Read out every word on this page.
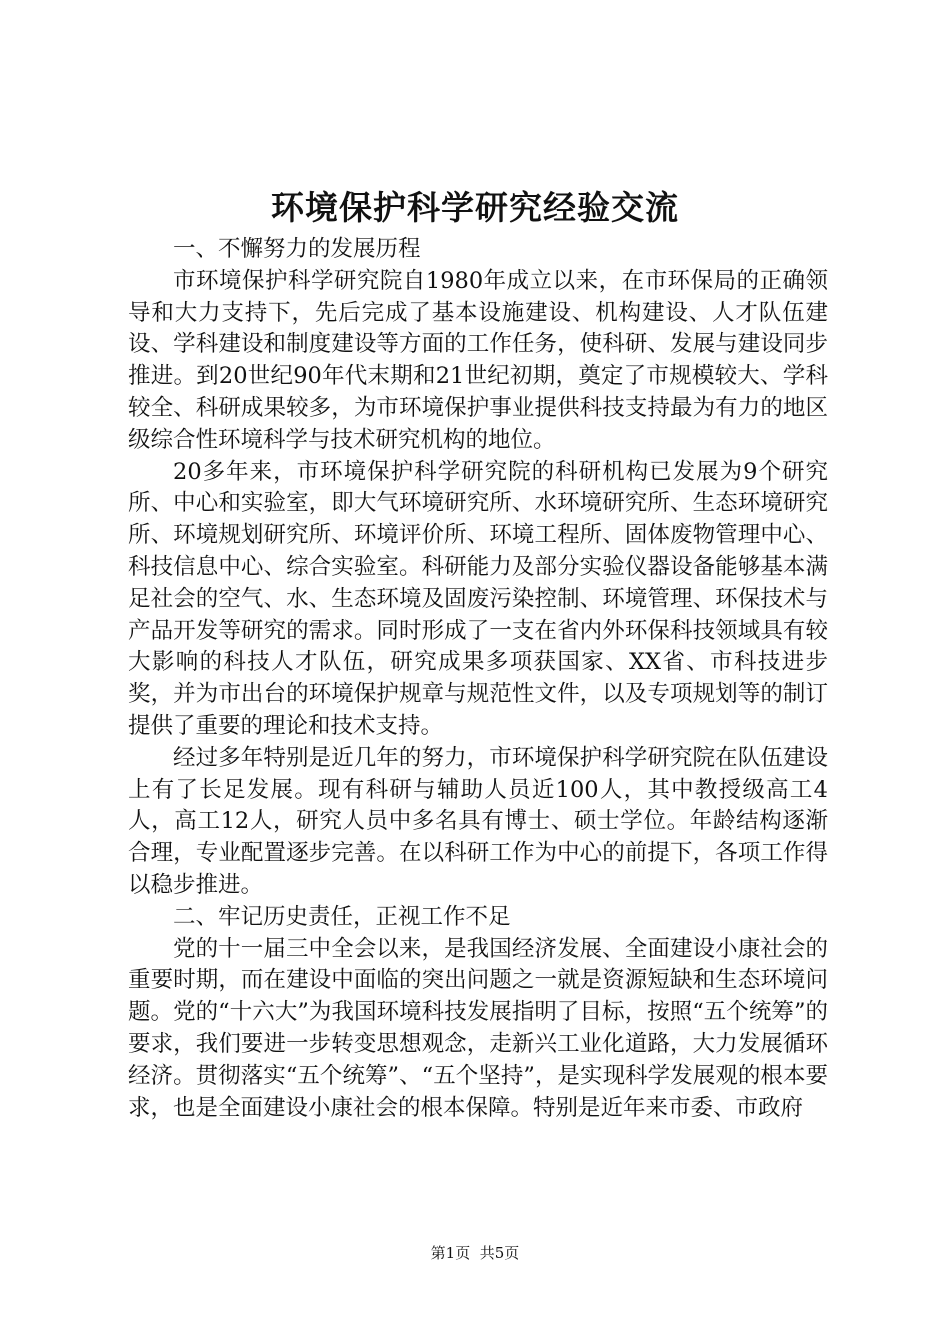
环境保护科学研究经验交流

一、不懈努力的发展历程

市环境保护科学研究院自1980年成立以来，在市环保局的正确领导和大力支持下，先后完成了基本设施建设、机构建设、人才队伍建设、学科建设和制度建设等方面的工作任务，使科研、发展与建设同步推进。到20世纪90年代末期和21世纪初期，奠定了市规模较大、学科较全、科研成果较多，为市环境保护事业提供科技支持最为有力的地区级综合性环境科学与技术研究机构的地位。

20多年来，市环境保护科学研究院的科研机构已发展为9个研究所、中心和实验室，即大气环境研究所、水环境研究所、生态环境研究所、环境规划研究所、环境评价所、环境工程所、固体废物管理中心、科技信息中心、综合实验室。科研能力及部分实验仪器设备能够基本满足社会的空气、水、生态环境及固废污染控制、环境管理、环保技术与产品开发等研究的需求。同时形成了一支在省内外环保科技领域具有较大影响的科技人才队伍，研究成果多项获国家、XX省、市科技进步奖，并为市出台的环境保护规章与规范性文件，以及专项规划等的制订提供了重要的理论和技术支持。

经过多年特别是近几年的努力，市环境保护科学研究院在队伍建设上有了长足发展。现有科研与辅助人员近100人，其中教授级高工4人，高工12人，研究人员中多名具有博士、硕士学位。年龄结构逐渐合理，专业配置逐步完善。在以科研工作为中心的前提下，各项工作得以稳步推进。

二、牢记历史责任，正视工作不足

党的十一届三中全会以来，是我国经济发展、全面建设小康社会的重要时期，而在建设中面临的突出问题之一就是资源短缺和生态环境问题。党的“十六大”为我国环境科技发展指明了目标，按照“五个统筹”的要求，我们要进一步转变思想观念，走新兴工业化道路，大力发展循环经济。贯彻落实“五个统筹”、“五个坚持”，是实现科学发展观的根本要求，也是全面建设小康社会的根本保障。特别是近年来市委、市政府

第1页 共5页
